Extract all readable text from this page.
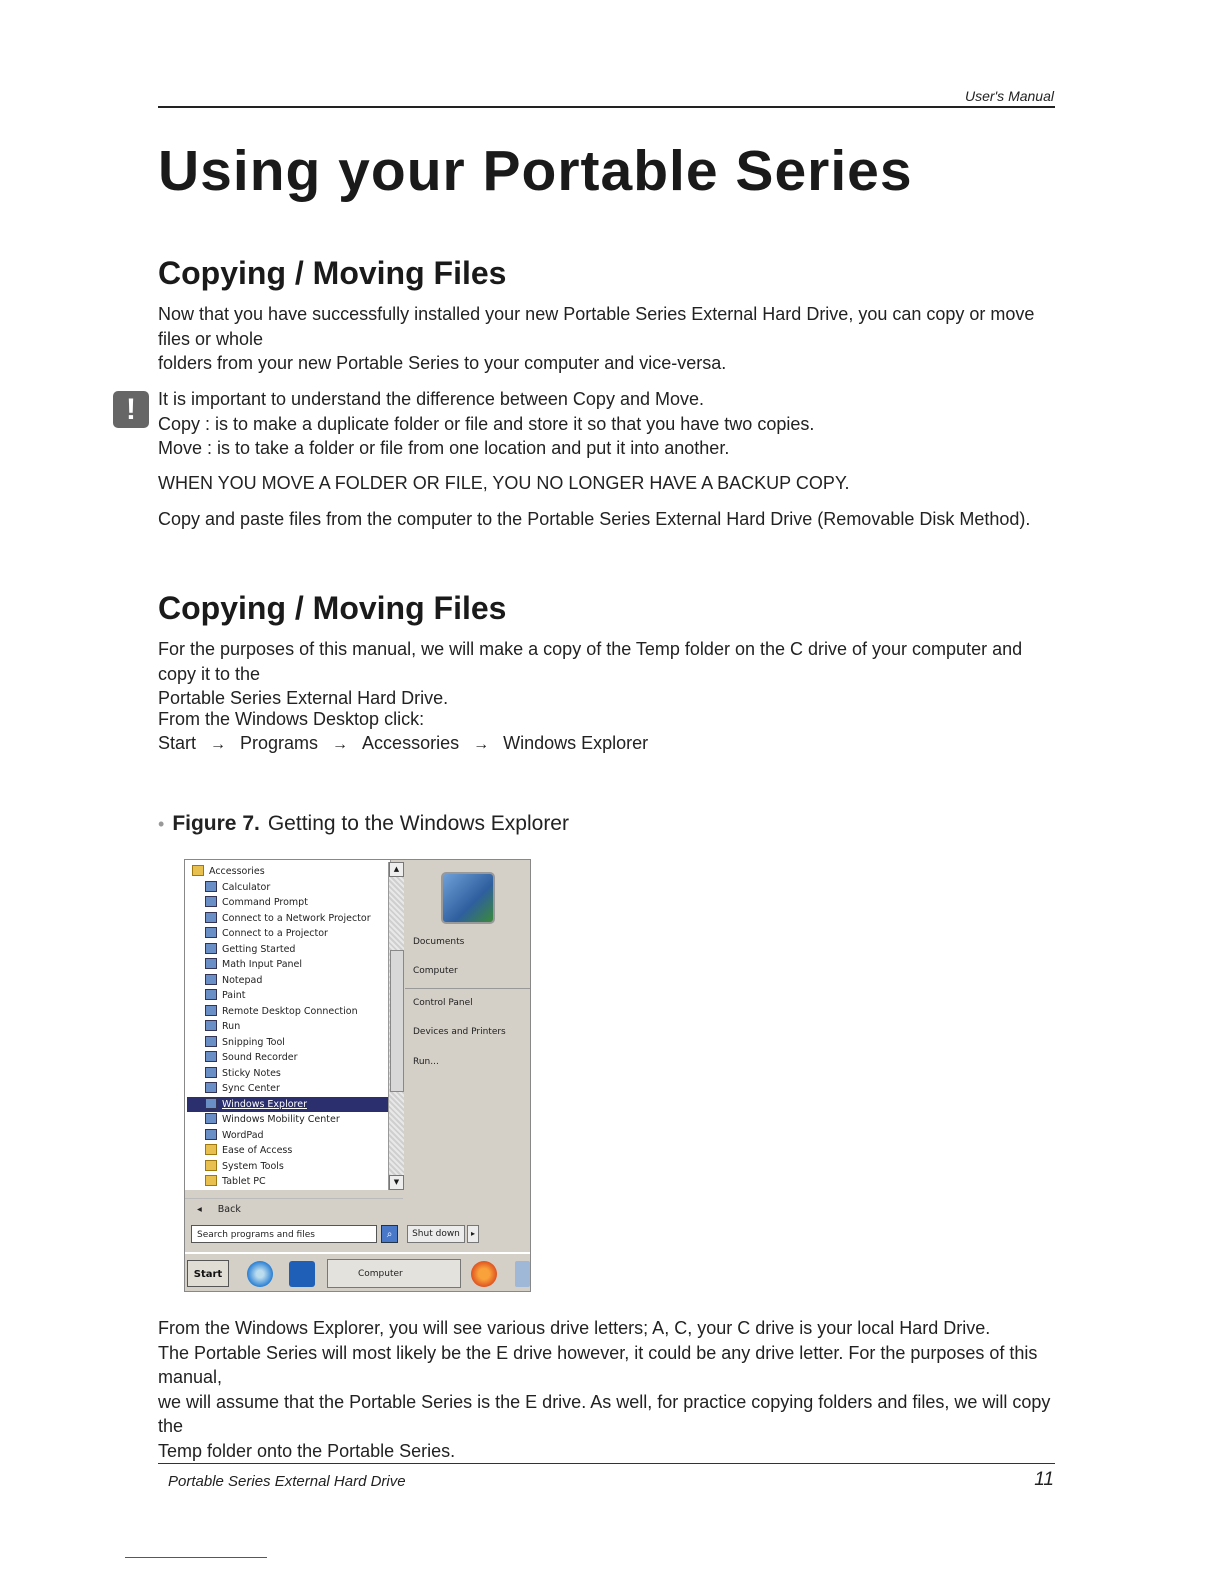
User's Manual
Using your Portable Series
Copying / Moving Files

Now that you have successfully installed your new Portable Series External Hard Drive, you can copy or move files or whole

folders from your new Portable Series to your computer and vice-versa.

!	It is important to understand the difference between Copy and Move.

Copy : is to make a duplicate folder or file and store it so that you have two copies.

Move : is to take a folder or file from one location and put it into another.

WHEN YOU MOVE A FOLDER OR FILE, YOU NO LONGER HAVE A BACKUP COPY.
Copy and paste files from the computer to the Portable Series External Hard Drive (Removable Disk Method).
Copying / Moving Files

For the purposes of this manual, we will make a copy of the Temp folder on the C drive of your computer and copy it to the

Portable Series External Hard Drive.

From the Windows Desktop click:
Start → Programs → Accessories → Windows Explorer
• Figure 7. Getting to the Windows Explorer
Accessories
Calculator
Command Prompt
Connect to a Network Projector
Connect to a Projector
Getting Started
Math Input Panel
Notepad
Paint
Remote Desktop Connection
Run
Snipping Tool
Sound Recorder
Sticky Notes
Sync Center
Windows Explorer
Windows Mobility Center
WordPad
Ease of Access
System Tools
Tablet PC
▲
▼
◂ Back
Search programs and files	⌕
Documents
Computer
Control Panel
Devices and Printers
Run...
Shut down	▸
Start	Computer

From the Windows Explorer, you will see various drive letters; A, C, your C drive is your local Hard Drive.

The Portable Series will most likely be the E drive however, it could be any drive letter. For the purposes of this manual,

we will assume that the Portable Series is the E drive. As well, for practice copying folders and files, we will copy the

Temp folder onto the Portable Series.

Portable Series External Hard Drive	11
